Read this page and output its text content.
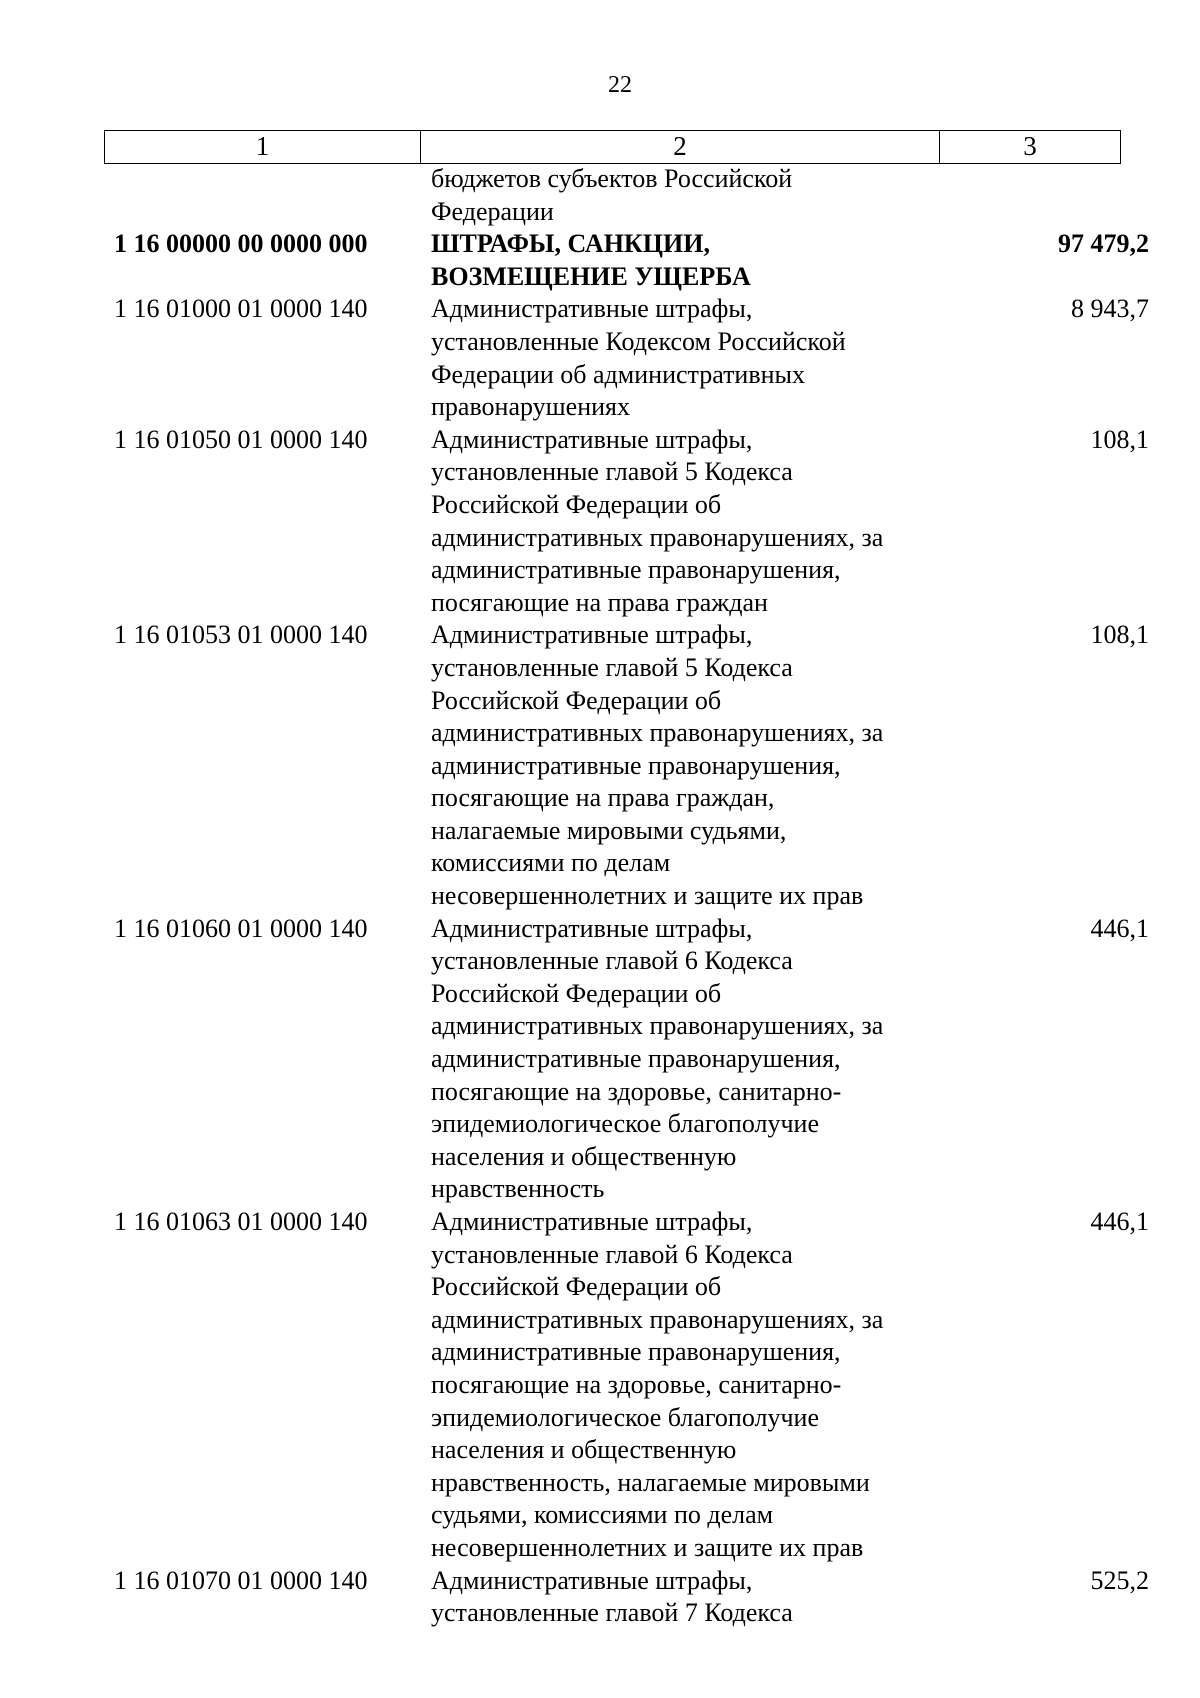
22
1	2	3
бюджетов субъектов Российской
Федерации
1 16 00000 00 0000 000	ШТРАФЫ, САНКЦИИ,
ВОЗМЕЩЕНИЕ УЩЕРБА
97 479,2
1 16 01000 01 0000 140	Административные штрафы,
установленные Кодексом Российской
Федерации об административных
правонарушениях
8 943,7
1 16 01050 01 0000 140	Административные штрафы,
установленные главой 5 Кодекса
Российской Федерации об
административных правонарушениях, за
административные правонарушения,
посягающие на права граждан
108,1
1 16 01053 01 0000 140	Административные штрафы,
установленные главой 5 Кодекса
Российской Федерации об
административных правонарушениях, за
административные правонарушения,
посягающие на права граждан,
налагаемые мировыми судьями,
комиссиями по делам
несовершеннолетних и защите их прав
108,1
1 16 01060 01 0000 140	Административные штрафы,
установленные главой 6 Кодекса
Российской Федерации об
административных правонарушениях, за
административные правонарушения,
посягающие на здоровье, санитарно-
эпидемиологическое благополучие
населения и общественную
нравственность
446,1
1 16 01063 01 0000 140	Административные штрафы,
установленные главой 6 Кодекса
Российской Федерации об
административных правонарушениях, за
административные правонарушения,
посягающие на здоровье, санитарно-
эпидемиологическое благополучие
населения и общественную
нравственность, налагаемые мировыми
судьями, комиссиями по делам
несовершеннолетних и защите их прав
446,1
1 16 01070 01 0000 140	Административные штрафы,
установленные главой 7 Кодекса
525,2
